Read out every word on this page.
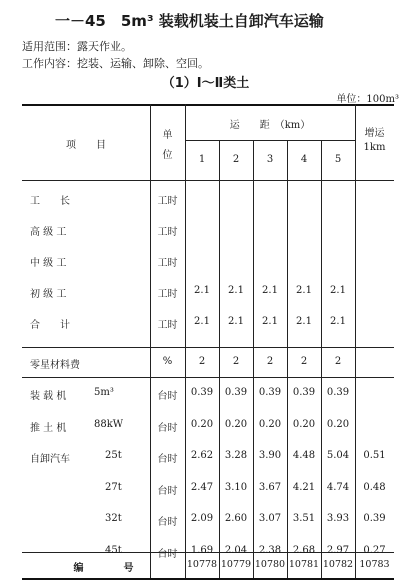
一－45　5m³ 装载机装土自卸汽车运输
适用范围：露天作业。
工作内容：挖装、运输、卸除、空回。
（1）Ⅰ～Ⅱ类土
单位：100m³
项　　目
单
位
运　　距　（km）
1	2	3	4	5
增运
1km
工　　长	工时
高 级 工	工时
中 级 工	工时
初 级 工	工时	2.1	2.1	2.1	2.1	2.1
合　　计	工时	2.1	2.1	2.1	2.1	2.1
零星材料费	%	2	2	2	2	2
装 载 机	5m³	台时	0.39	0.39	0.39	0.39	0.39
推 土 机	88kW	台时	0.20	0.20	0.20	0.20	0.20
自卸汽车	25t	台时	2.62	3.28	3.90	4.48	5.04	0.51
27t	台时	2.47	3.10	3.67	4.21	4.74	0.48
32t	台时	2.09	2.60	3.07	3.51	3.93	0.39
45t	台时	1.69	2.04	2.38	2.68	2.97	0.27
编　　　　号	10778 10779 10780 10781 10782 10783
